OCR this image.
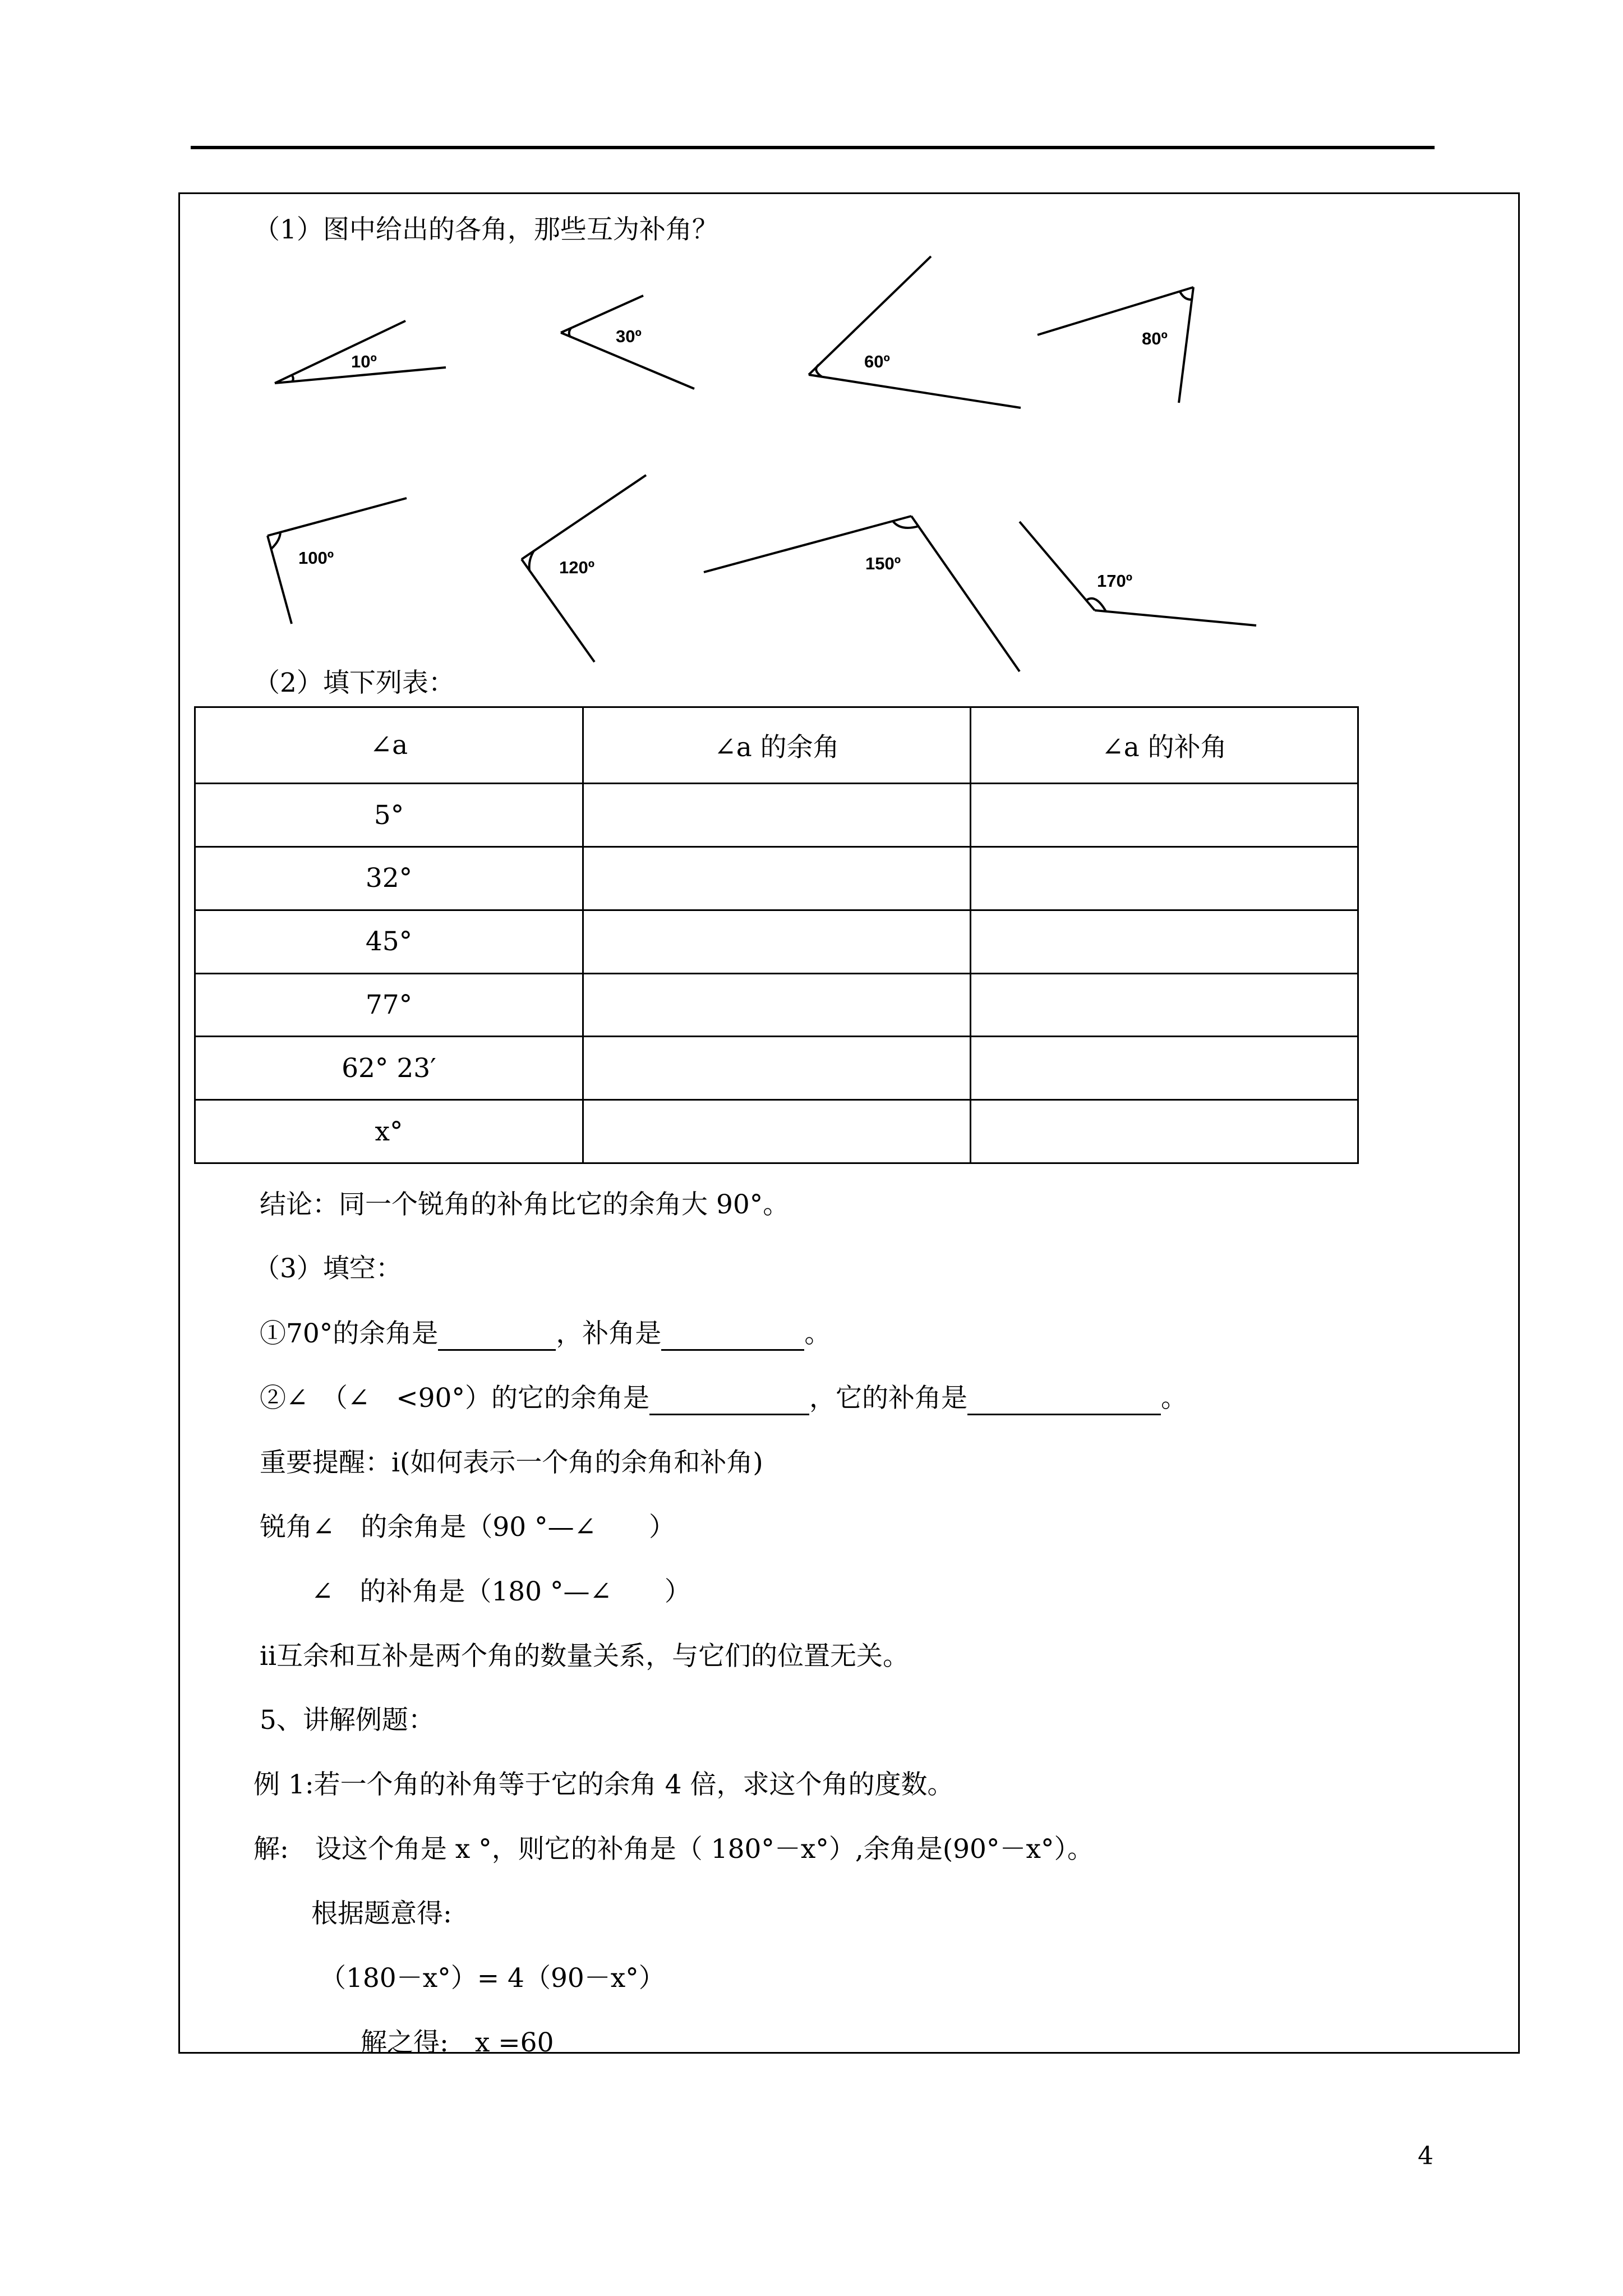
（1）图中给出的各角，那些互为补角？
10º
30º
60º
80º
100º	120º	150º
170º
（2）填下列表：
∠a	∠a 的余角	∠a 的补角
5°		
32°		
45°		
77°		
62° 23′		
x°		
结论：同一个锐角的补角比它的余角大 90°。
（3）填空：
①70°的余角是	，补角是	。
②∠　（∠　<90°）的它的余角是	，它的补角是	。
重要提醒：ⅰ(如何表示一个角的余角和补角)
锐角∠　的余角是（90 °—∠　　）
∠　的补角是（180 °—∠　　）
ⅱ互余和互补是两个角的数量关系，与它们的位置无关。
5、讲解例题：
例 1:若一个角的补角等于它的余角 4 倍，求这个角的度数。
解:　设这个角是 x °，则它的补角是（ 180°－x°）,余角是(90°－x°）。
根据题意得:
（180－x°）= 4（90－x°）
解之得:　x =60
4
